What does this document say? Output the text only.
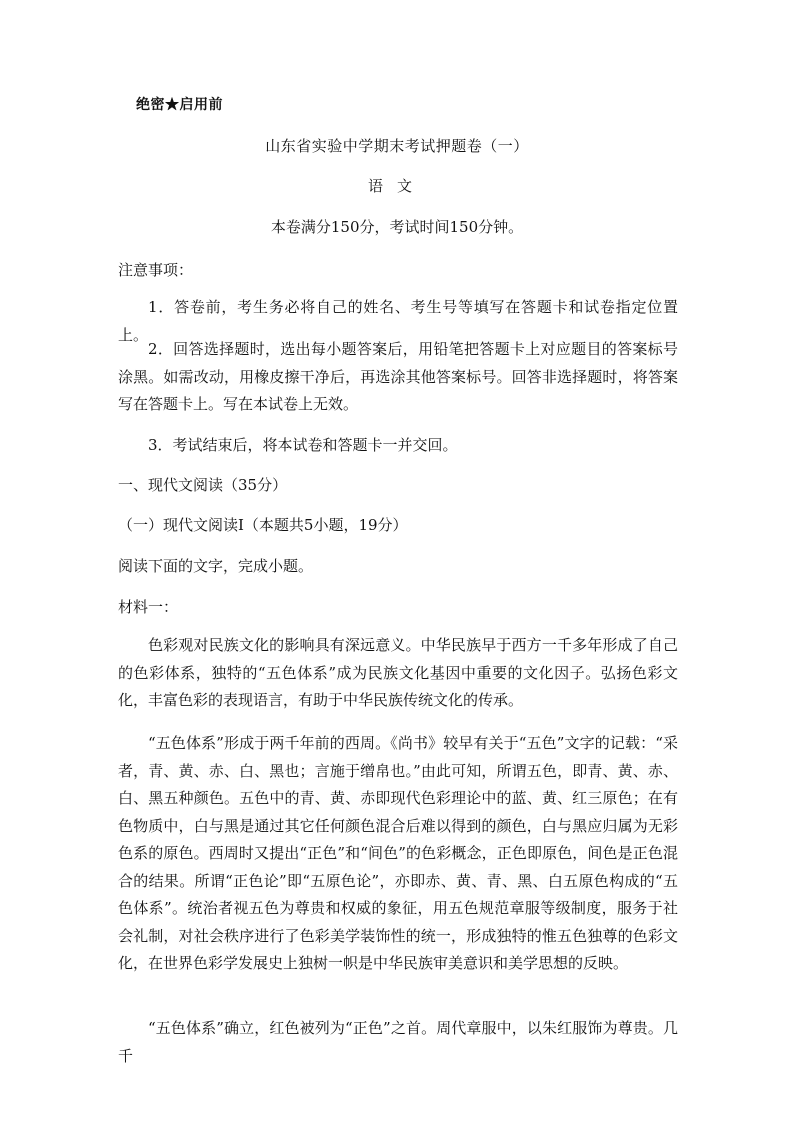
绝密★启用前
山东省实验中学期末考试押题卷（一）
语文
本卷满分150分，考试时间150分钟。
注意事项：
1．答卷前，考生务必将自己的姓名、考生号等填写在答题卡和试卷指定位置上。
2．回答选择题时，选出每小题答案后，用铅笔把答题卡上对应题目的答案标号涂黑。如需改动，用橡皮擦干净后，再选涂其他答案标号。回答非选择题时，将答案写在答题卡上。写在本试卷上无效。
3．考试结束后，将本试卷和答题卡一并交回。
一、现代文阅读（35分）
（一）现代文阅读Ⅰ（本题共5小题，19分）
阅读下面的文字，完成小题。
材料一：
色彩观对民族文化的影响具有深远意义。中华民族早于西方一千多年形成了自己的色彩体系，独特的“五色体系”成为民族文化基因中重要的文化因子。弘扬色彩文化，丰富色彩的表现语言，有助于中华民族传统文化的传承。
“五色体系”形成于两千年前的西周。《尚书》较早有关于“五色”文字的记载：“采者，青、黄、赤、白、黑也；言施于缯帛也。”由此可知，所谓五色，即青、黄、赤、白、黑五种颜色。五色中的青、黄、赤即现代色彩理论中的蓝、黄、红三原色；在有色物质中，白与黑是通过其它任何颜色混合后难以得到的颜色，白与黑应归属为无彩色系的原色。西周时又提出“正色”和“间色”的色彩概念，正色即原色，间色是正色混合的结果。所谓“正色论”即“五原色论”，亦即赤、黄、青、黑、白五原色构成的“五色体系”。统治者视五色为尊贵和权威的象征，用五色规范章服等级制度，服务于社会礼制，对社会秩序进行了色彩美学装饰性的统一，形成独特的惟五色独尊的色彩文化，在世界色彩学发展史上独树一帜是中华民族审美意识和美学思想的反映。
“五色体系”确立，红色被列为“正色”之首。周代章服中，以朱红服饰为尊贵。几千
